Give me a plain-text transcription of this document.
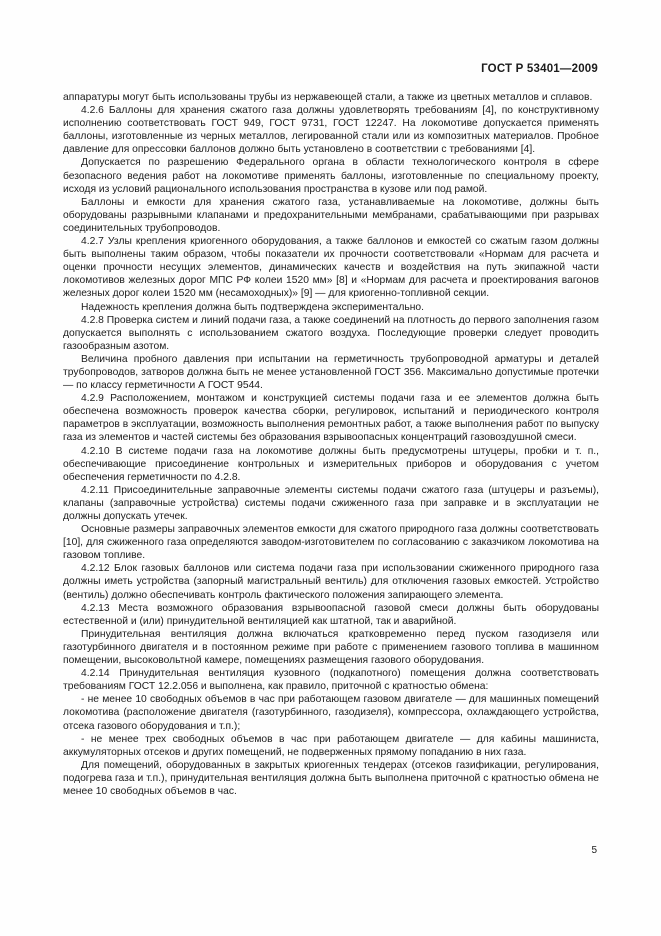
ГОСТ Р 53401—2009

аппаратуры могут быть использованы трубы из нержавеющей стали, а также из цветных металлов и сплавов.

4.2.6 Баллоны для хранения сжатого газа должны удовлетворять требованиям [4], по конструктивному исполнению соответствовать ГОСТ 949, ГОСТ 9731, ГОСТ 12247. На локомотиве допускается применять баллоны, изготовленные из черных металлов, легированной стали или из композитных материалов. Пробное давление для опрессовки баллонов должно быть установлено в соответствии с требованиями [4].

Допускается по разрешению Федерального органа в области технологического контроля в сфере безопасного ведения работ на локомотиве применять баллоны, изготовленные по специальному проекту, исходя из условий рационального использования пространства в кузове или под рамой.

Баллоны и емкости для хранения сжатого газа, устанавливаемые на локомотиве, должны быть оборудованы разрывными клапанами и предохранительными мембранами, срабатывающими при разрывах соединительных трубопроводов.

4.2.7 Узлы крепления криогенного оборудования, а также баллонов и емкостей со сжатым газом должны быть выполнены таким образом, чтобы показатели их прочности соответствовали «Нормам для расчета и оценки прочности несущих элементов, динамических качеств и воздействия на путь экипажной части локомотивов железных дорог МПС РФ колеи 1520 мм» [8] и «Нормам для расчета и проектирования вагонов железных дорог колеи 1520 мм (несамоходных)» [9] — для криогенно-топливной секции.

Надежность крепления должна быть подтверждена экспериментально.

4.2.8 Проверка систем и линий подачи газа, а также соединений на плотность до первого заполнения газом допускается выполнять с использованием сжатого воздуха. Последующие проверки следует проводить газообразным азотом.

Величина пробного давления при испытании на герметичность трубопроводной арматуры и деталей трубопроводов, затворов должна быть не менее установленной ГОСТ 356. Максимально допустимые протечки — по классу герметичности А ГОСТ 9544.

4.2.9 Расположением, монтажом и конструкцией системы подачи газа и ее элементов должна быть обеспечена возможность проверок качества сборки, регулировок, испытаний и периодического контроля параметров в эксплуатации, возможность выполнения ремонтных работ, а также выполнения работ по выпуску газа из элементов и частей системы без образования взрывоопасных концентраций газовоздушной смеси.

4.2.10 В системе подачи газа на локомотиве должны быть предусмотрены штуцеры, пробки и т. п., обеспечивающие присоединение контрольных и измерительных приборов и оборудования с учетом обеспечения герметичности по 4.2.8.

4.2.11 Присоединительные заправочные элементы системы подачи сжатого газа (штуцеры и разъемы), клапаны (заправочные устройства) системы подачи сжиженного газа при заправке и в эксплуатации не должны допускать утечек.

Основные размеры заправочных элементов емкости для сжатого природного газа должны соответствовать [10], для сжиженного газа определяются заводом-изготовителем по согласованию с заказчиком локомотива на газовом топливе.

4.2.12 Блок газовых баллонов или система подачи газа при использовании сжиженного природного газа должны иметь устройства (запорный магистральный вентиль) для отключения газовых емкостей. Устройство (вентиль) должно обеспечивать контроль фактического положения запирающего элемента.

4.2.13 Места возможного образования взрывоопасной газовой смеси должны быть оборудованы естественной и (или) принудительной вентиляцией как штатной, так и аварийной.

Принудительная вентиляция должна включаться кратковременно перед пуском газодизеля или газотурбинного двигателя и в постоянном режиме при работе с применением газового топлива в машинном помещении, высоковольтной камере, помещениях размещения газового оборудования.

4.2.14 Принудительная вентиляция кузовного (подкапотного) помещения должна соответствовать требованиям ГОСТ 12.2.056 и выполнена, как правило, приточной с кратностью обмена:

- не менее 10 свободных объемов в час при работающем газовом двигателе — для машинных помещений локомотива (расположение двигателя (газотурбинного, газодизеля), компрессора, охлаждающего устройства, отсека газового оборудования и т.п.);

- не менее трех свободных объемов в час при работающем двигателе — для кабины машиниста, аккумуляторных отсеков и других помещений, не подверженных прямому попаданию в них газа.

Для помещений, оборудованных в закрытых криогенных тендерах (отсеков газификации, регулирования, подогрева газа и т.п.), принудительная вентиляция должна быть выполнена приточной с кратностью обмена не менее 10 свободных объемов в час.

5
